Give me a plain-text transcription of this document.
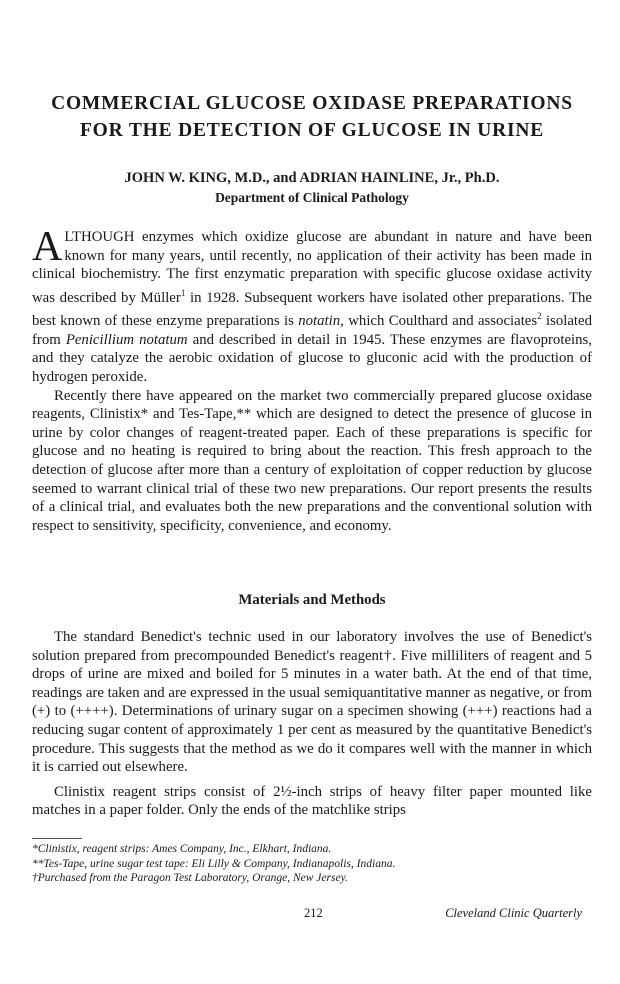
COMMERCIAL GLUCOSE OXIDASE PREPARATIONS
FOR THE DETECTION OF GLUCOSE IN URINE
JOHN W. KING, M.D., and ADRIAN HAINLINE, Jr., Ph.D.
Department of Clinical Pathology

ALTHOUGH enzymes which oxidize glucose are abundant in nature and have been known for many years, until recently, no application of their activity has been made in clinical biochemistry. The first enzymatic preparation with specific glucose oxidase activity was described by Müller$^1$ in 1928. Subsequent workers have isolated other preparations. The best known of these enzyme preparations is notatin, which Coulthard and associates$^2$ isolated from Penicillium notatum and described in detail in 1945. These enzymes are flavoproteins, and they catalyze the aerobic oxidation of glucose to gluconic acid with the production of hydrogen peroxide.

Recently there have appeared on the market two commercially prepared glucose oxidase reagents, Clinistix* and Tes-Tape,** which are designed to detect the presence of glucose in urine by color changes of reagent-treated paper. Each of these preparations is specific for glucose and no heating is required to bring about the reaction. This fresh approach to the detection of glucose after more than a century of exploitation of copper reduction by glucose seemed to warrant clinical trial of these two new preparations. Our report presents the results of a clinical trial, and evaluates both the new preparations and the conventional solution with respect to sensitivity, specificity, convenience, and economy.

Materials and Methods

The standard Benedict's technic used in our laboratory involves the use of Benedict's solution prepared from precompounded Benedict's reagent†. Five milliliters of reagent and 5 drops of urine are mixed and boiled for 5 minutes in a water bath. At the end of that time, readings are taken and are expressed in the usual semiquantitative manner as negative, or from (+) to (++++). Determinations of urinary sugar on a specimen showing (+++) reactions had a reducing sugar content of approximately 1 per cent as measured by the quantitative Benedict's procedure. This suggests that the method as we do it compares well with the manner in which it is carried out elsewhere.

Clinistix reagent strips consist of 2½-inch strips of heavy filter paper mounted like matches in a paper folder. Only the ends of the matchlike strips

*Clinistix, reagent strips: Ames Company, Inc., Elkhart, Indiana.
**Tes-Tape, urine sugar test tape: Eli Lilly & Company, Indianapolis, Indiana.
†Purchased from the Paragon Test Laboratory, Orange, New Jersey.
212	Cleveland Clinic Quarterly
